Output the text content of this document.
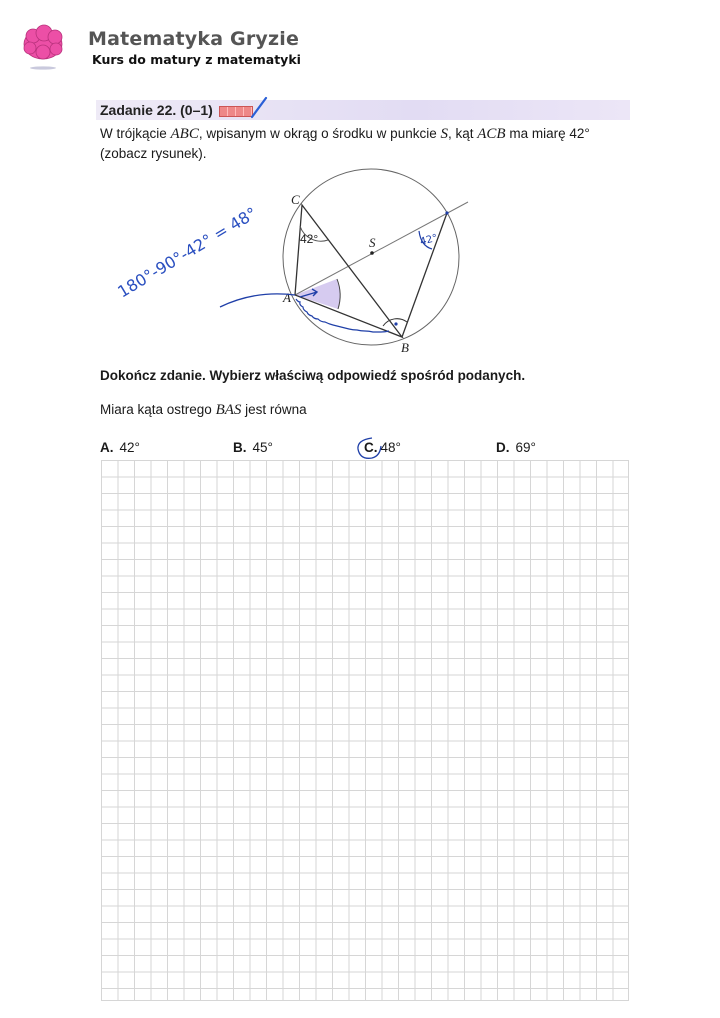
Matematyka Gryzie
Kurs do matury z matematyki
Zadanie 22. (0–1)
W trójkącie ABC, wpisanym w okrąg o środku w punkcie S, kąt ACB ma miarę 42°
(zobacz rysunek).
C
S
A
B
42°	42°
180°-90°-42° = 48°
Dokończ zdanie. Wybierz właściwą odpowiedź spośród podanych.
Miara kąta ostrego BAS jest równa
A. 42°	B. 45°	C. 48°	D. 69°
